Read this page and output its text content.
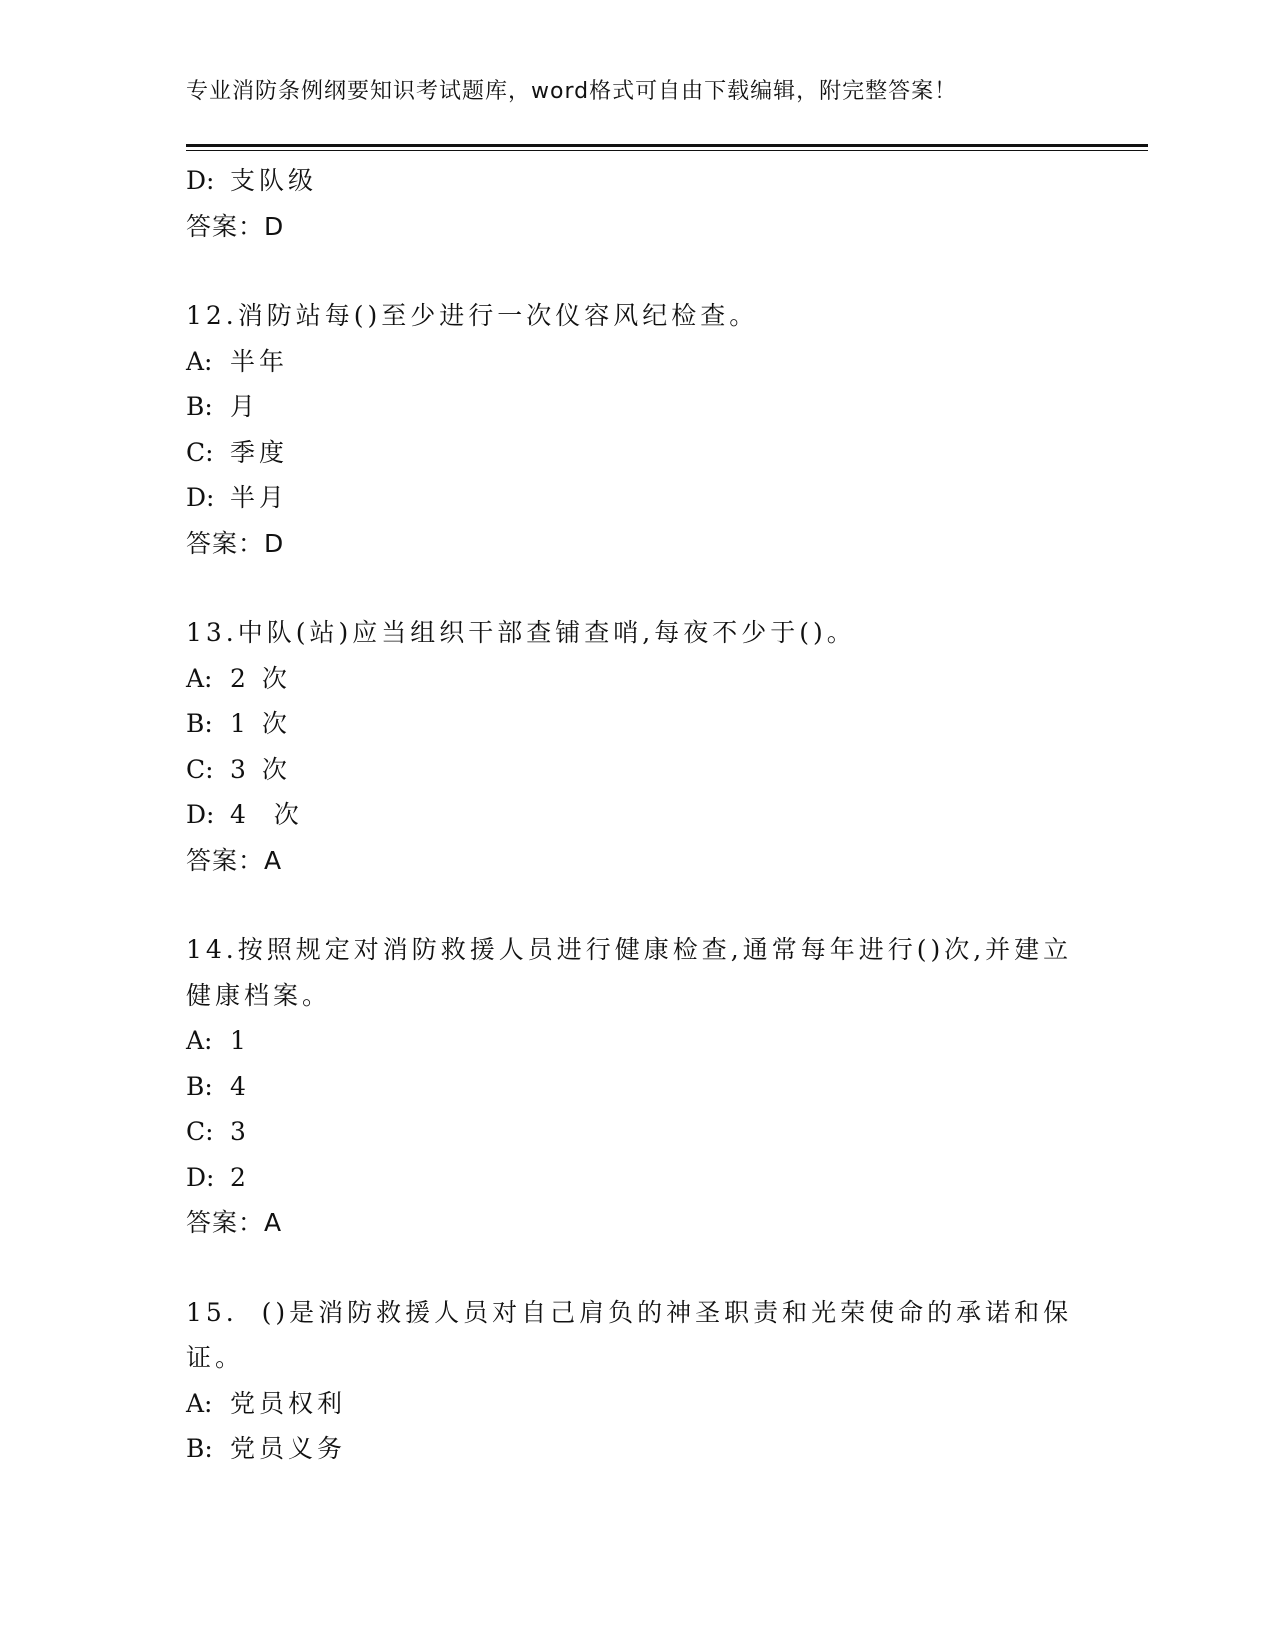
专业消防条例纲要知识考试题库，word格式可自由下载编辑，附完整答案！
D: 支队级
答案：D
12.消防站每()至少进行一次仪容风纪检查。
A: 半年
B: 月
C: 季度
D: 半月
答案：D
13.中队(站)应当组织干部查铺查哨,每夜不少于()。
A: 2 次
B: 1 次
C: 3 次
D: 4  次
答案：A
14.按照规定对消防救援人员进行健康检查,通常每年进行()次,并建立
健康档案。
A: 1
B: 4
C: 3
D: 2
答案：A
15.  ()是消防救援人员对自己肩负的神圣职责和光荣使命的承诺和保
证。
A: 党员权利
B: 党员义务
